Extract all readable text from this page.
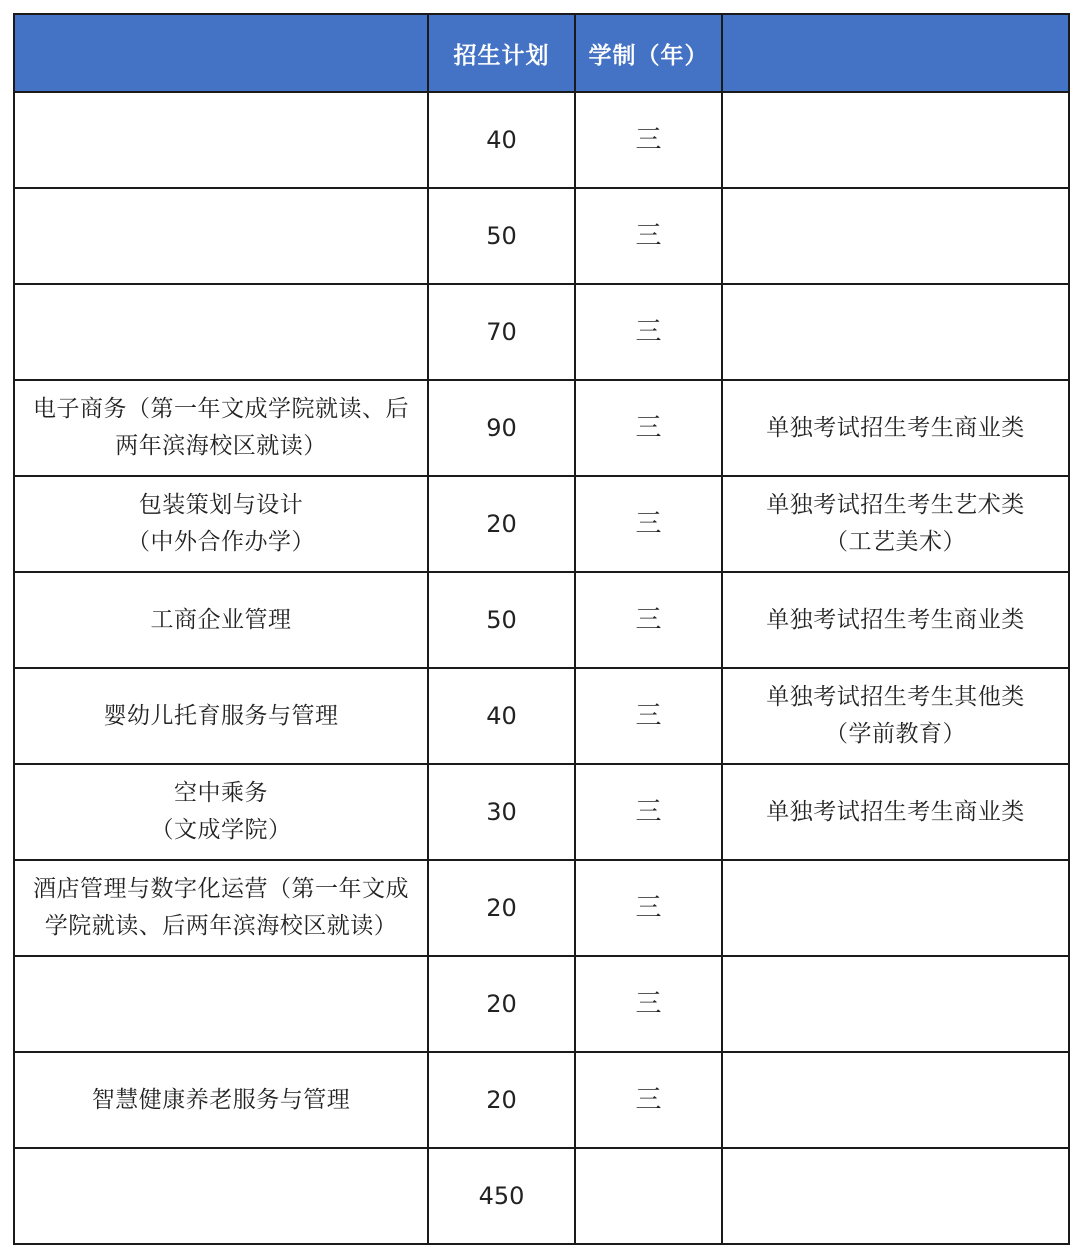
	招生计划	学制（年）	

	40	三	

	50	三	

	70	三	

电子商务（第一年文成学院就读、后
两年滨海校区就读）	90	三	单独考试招生考生商业类

包装策划与设计
（中外合作办学）	20	三	单独考试招生考生艺术类
（工艺美术）

工商企业管理	50	三	单独考试招生考生商业类

婴幼儿托育服务与管理	40	三	单独考试招生考生其他类
（学前教育）

空中乘务
（文成学院）	30	三	单独考试招生考生商业类

酒店管理与数字化运营（第一年文成
学院就读、后两年滨海校区就读）	20	三	

	20	三	

智慧健康养老服务与管理	20	三	

	450		
